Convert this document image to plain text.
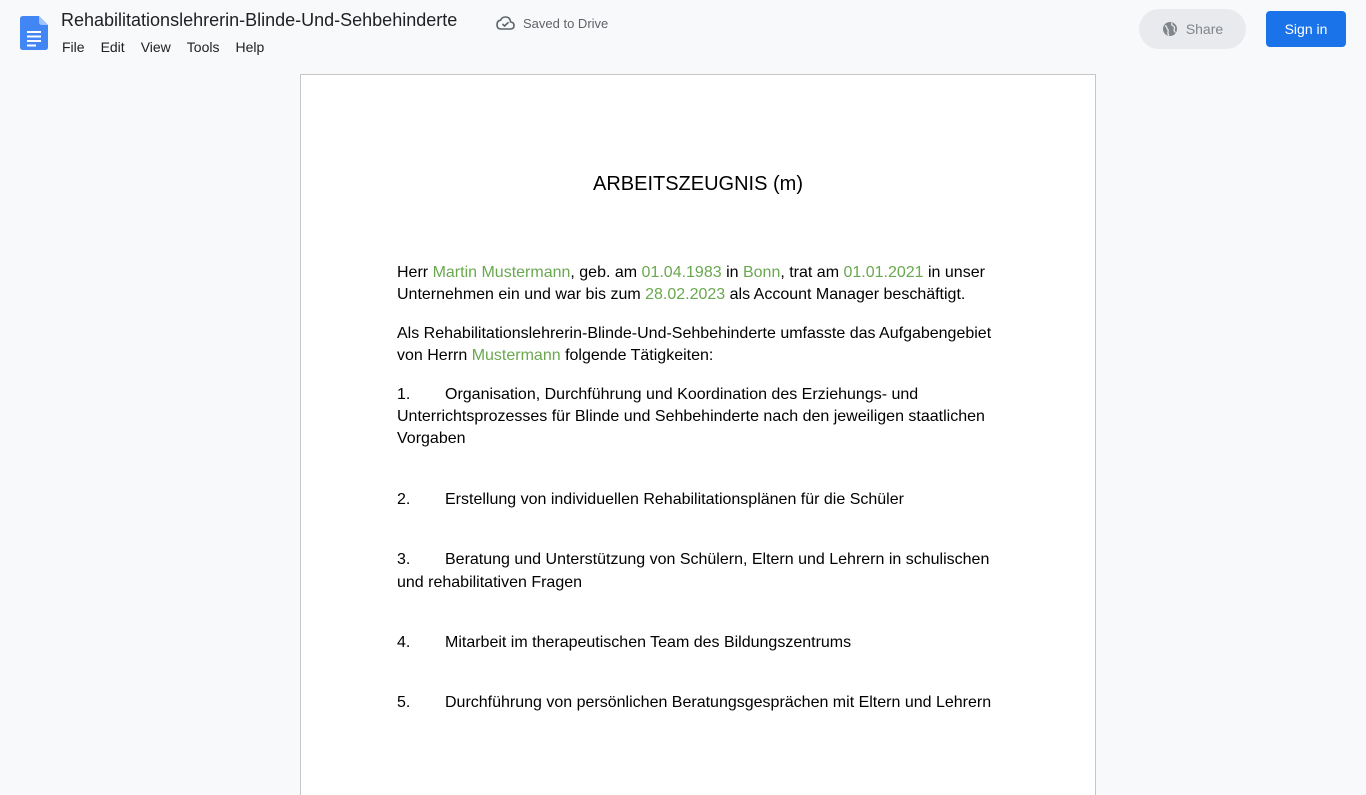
Rehabilitationslehrerin-Blinde-Und-Sehbehinderte	Saved to Drive
File	Edit	View	Tools	Help
Share	Sign in
ARBEITSZEUGNIS (m)

Herr Martin Mustermann, geb. am 01.04.1983 in Bonn, trat am 01.01.2021 in unser Unternehmen ein und war bis zum 28.02.2023 als Account Manager beschäftigt.

Als Rehabilitationslehrerin-Blinde-Und-Sehbehinderte umfasste das Aufgabengebiet von Herrn Mustermann folgende Tätigkeiten:

1.	Organisation, Durchführung und Koordination des Erziehungs- und Unterrichtsprozesses für Blinde und Sehbehinderte nach den jeweiligen staatlichen Vorgaben
2.	Erstellung von individuellen Rehabilitationsplänen für die Schüler
3.	Beratung und Unterstützung von Schülern, Eltern und Lehrern in schulischen und rehabilitativen Fragen
4.	Mitarbeit im therapeutischen Team des Bildungszentrums
5.	Durchführung von persönlichen Beratungsgesprächen mit Eltern und Lehrern
